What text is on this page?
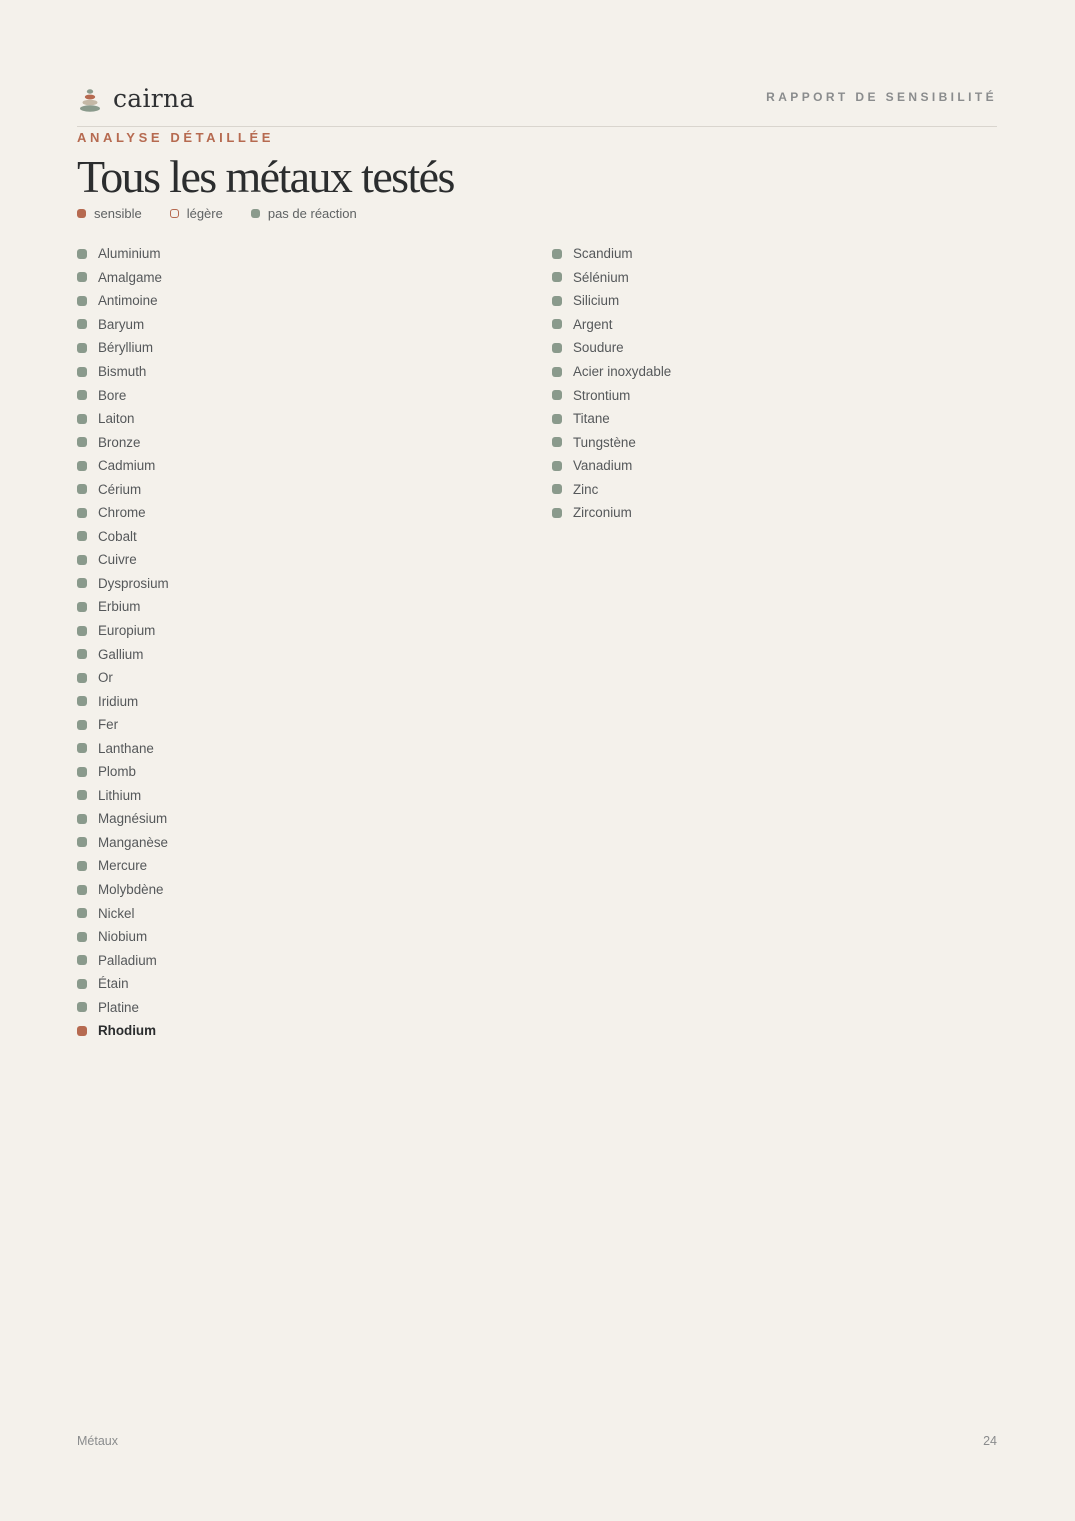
cairna	RAPPORT DE SENSIBILITÉ
ANALYSE DÉTAILLÉE
Tous les métaux testés
sensible	légère	pas de réaction
Aluminium
Amalgame
Antimoine
Baryum
Béryllium
Bismuth
Bore
Laiton
Bronze
Cadmium
Cérium
Chrome
Cobalt
Cuivre
Dysprosium
Erbium
Europium
Gallium
Or
Iridium
Fer
Lanthane
Plomb
Lithium
Magnésium
Manganèse
Mercure
Molybdène
Nickel
Niobium
Palladium
Étain
Platine
Rhodium
Scandium
Sélénium
Silicium
Argent
Soudure
Acier inoxydable
Strontium
Titane
Tungstène
Vanadium
Zinc
Zirconium
Métaux	24
